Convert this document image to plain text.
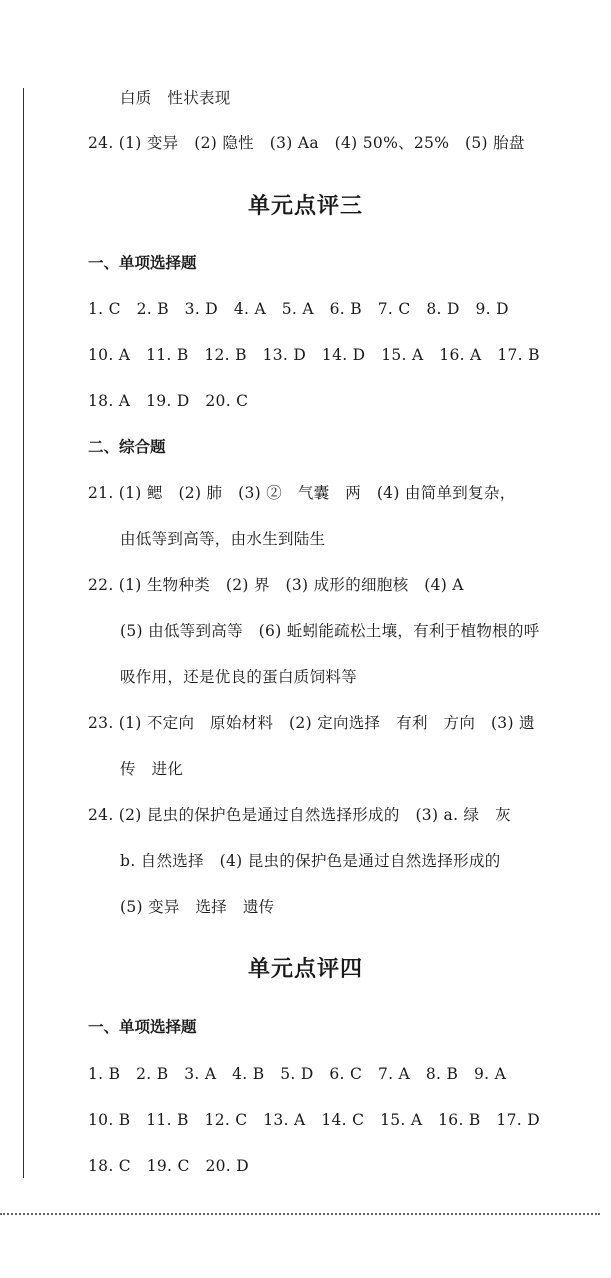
白质　性状表现
24. (1) 变异　(2) 隐性　(3) Aa　(4) 50%、25%　(5) 胎盘
单元点评三
一、单项选择题
1. C　2. B　3. D　4. A　5. A　6. B　7. C　8. D　9. D
10. A　11. B　12. B　13. D　14. D　15. A　16. A　17. B
18. A　19. D　20. C
二、综合题
21. (1) 鳃　(2) 肺　(3) ②　气囊　两　(4) 由简单到复杂，
由低等到高等，由水生到陆生
22. (1) 生物种类　(2) 界　(3) 成形的细胞核　(4) A
(5) 由低等到高等　(6) 蚯蚓能疏松土壤，有利于植物根的呼
吸作用，还是优良的蛋白质饲料等
23. (1) 不定向　原始材料　(2) 定向选择　有利　方向　(3) 遗
传　进化
24. (2) 昆虫的保护色是通过自然选择形成的　(3) a. 绿　灰
b. 自然选择　(4) 昆虫的保护色是通过自然选择形成的
(5) 变异　选择　遗传
单元点评四
一、单项选择题
1. B　2. B　3. A　4. B　5. D　6. C　7. A　8. B　9. A
10. B　11. B　12. C　13. A　14. C　15. A　16. B　17. D
18. C　19. C　20. D
